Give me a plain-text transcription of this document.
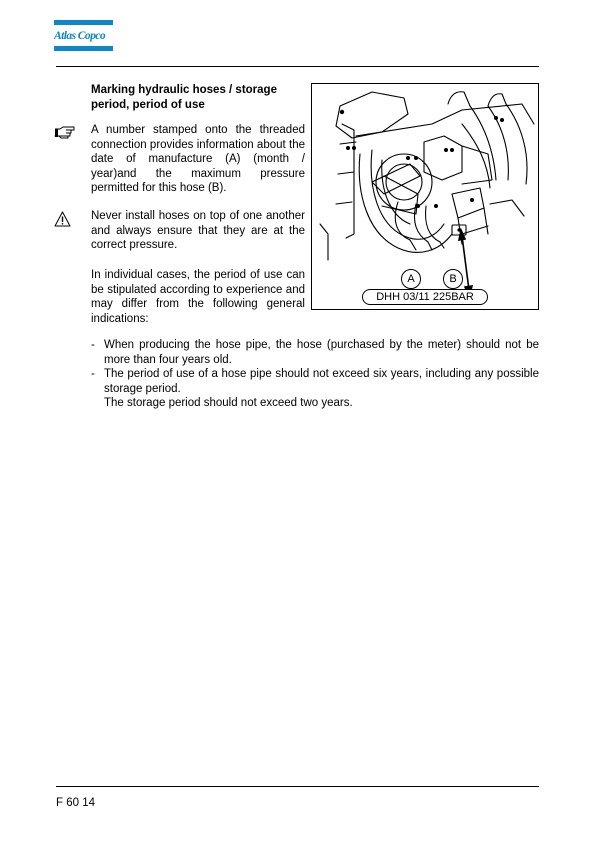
Atlas Copco

Marking hydraulic hoses / storage period, period of use

A number stamped onto the threaded connection provides information about the date of manufacture (A) (month / year)and the maximum pressure permitted for this hose (B).

Never install hoses on top of one another and always ensure that they are at the correct pressure.

In individual cases, the period of use can be stipulated according to experience and may differ from the following general indications:

A	B
DHH 03/11 225BAR
- When producing the hose pipe, the hose (purchased by the meter) should not be more than four years old.
- The period of use of a hose pipe should not exceed six years, including any possible storage period.
The storage period should not exceed two years.
F 60 14
